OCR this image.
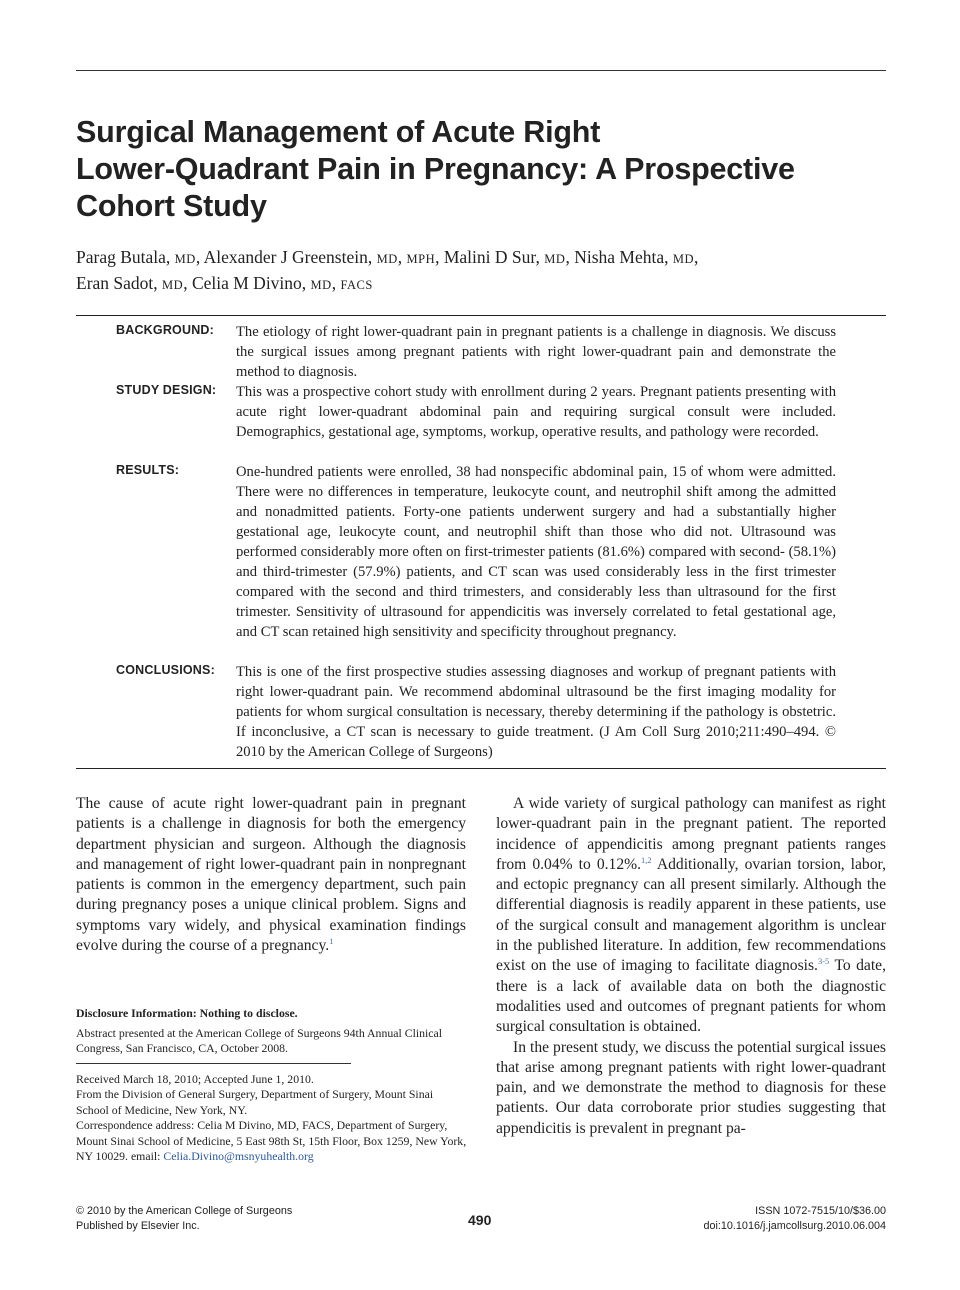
Surgical Management of Acute Right
Lower-Quadrant Pain in Pregnancy: A Prospective
Cohort Study
Parag Butala, MD, Alexander J Greenstein, MD, MPH, Malini D Sur, MD, Nisha Mehta, MD,
Eran Sadot, MD, Celia M Divino, MD, FACS
BACKGROUND: The etiology of right lower-quadrant pain in pregnant patients is a challenge in diagnosis. We discuss the surgical issues among pregnant patients with right lower-quadrant pain and demonstrate the method to diagnosis.
STUDY DESIGN: This was a prospective cohort study with enrollment during 2 years. Pregnant patients presenting with acute right lower-quadrant abdominal pain and requiring surgical consult were included. Demographics, gestational age, symptoms, workup, operative results, and pathology were recorded.
RESULTS:	One-hundred patients were enrolled, 38 had nonspecific abdominal pain, 15 of whom were admitted. There were no differences in temperature, leukocyte count, and neutrophil shift among the admitted and nonadmitted patients. Forty-one patients underwent surgery and had a substantially higher gestational age, leukocyte count, and neutrophil shift than those who did not. Ultrasound was performed considerably more often on first-trimester patients (81.6%) compared with second- (58.1%) and third-trimester (57.9%) patients, and CT scan was used considerably less in the first trimester compared with the second and third trimesters, and considerably less than ultrasound for the first trimester. Sensitivity of ultrasound for appendicitis was inversely correlated to fetal gestational age, and CT scan retained high sensitivity and specificity throughout pregnancy.
CONCLUSIONS: This is one of the first prospective studies assessing diagnoses and workup of pregnant patients with right lower-quadrant pain. We recommend abdominal ultrasound be the first imaging modality for patients for whom surgical consultation is necessary, thereby determining if the pathology is obstetric. If inconclusive, a CT scan is necessary to guide treatment. (J Am Coll Surg 2010;211:490–494. © 2010 by the American College of Surgeons)

The cause of acute right lower-quadrant pain in pregnant patients is a challenge in diagnosis for both the emergency department physician and surgeon. Although the diagnosis and management of right lower-quadrant pain in nonpregnant patients is common in the emergency department, such pain during pregnancy poses a unique clinical problem. Signs and symptoms vary widely, and physical examination findings evolve during the course of a pregnancy.$^1$

A wide variety of surgical pathology can manifest as right lower-quadrant pain in the pregnant patient. The reported incidence of appendicitis among pregnant patients ranges from 0.04% to 0.12%.$^{1,2}$ Additionally, ovarian torsion, labor, and ectopic pregnancy can all present similarly. Although the differential diagnosis is readily apparent in these patients, use of the surgical consult and management algorithm is unclear in the published literature. In addition, few recommendations exist on the use of imaging to facilitate diagnosis.$^{3-5}$ To date, there is a lack of available data on both the diagnostic modalities used and outcomes of pregnant patients for whom surgical consultation is obtained.

In the present study, we discuss the potential surgical issues that arise among pregnant patients with right lower-quadrant pain, and we demonstrate the method to diagnosis for these patients. Our data corroborate prior studies suggesting that appendicitis is prevalent in pregnant pa-

Disclosure Information: Nothing to disclose.

Abstract presented at the American College of Surgeons 94th Annual Clinical Congress, San Francisco, CA, October 2008.

Received March 18, 2010; Accepted June 1, 2010.

From the Division of General Surgery, Department of Surgery, Mount Sinai School of Medicine, New York, NY.

Correspondence address: Celia M Divino, MD, FACS, Department of Surgery, Mount Sinai School of Medicine, 5 East 98th St, 15th Floor, Box 1259, New York, NY 10029. email: Celia.Divino@msnyuhealth.org

© 2010 by the American College of Surgeons
Published by Elsevier Inc.	490
ISSN 1072-7515/10/$36.00
doi:10.1016/j.jamcollsurg.2010.06.004
